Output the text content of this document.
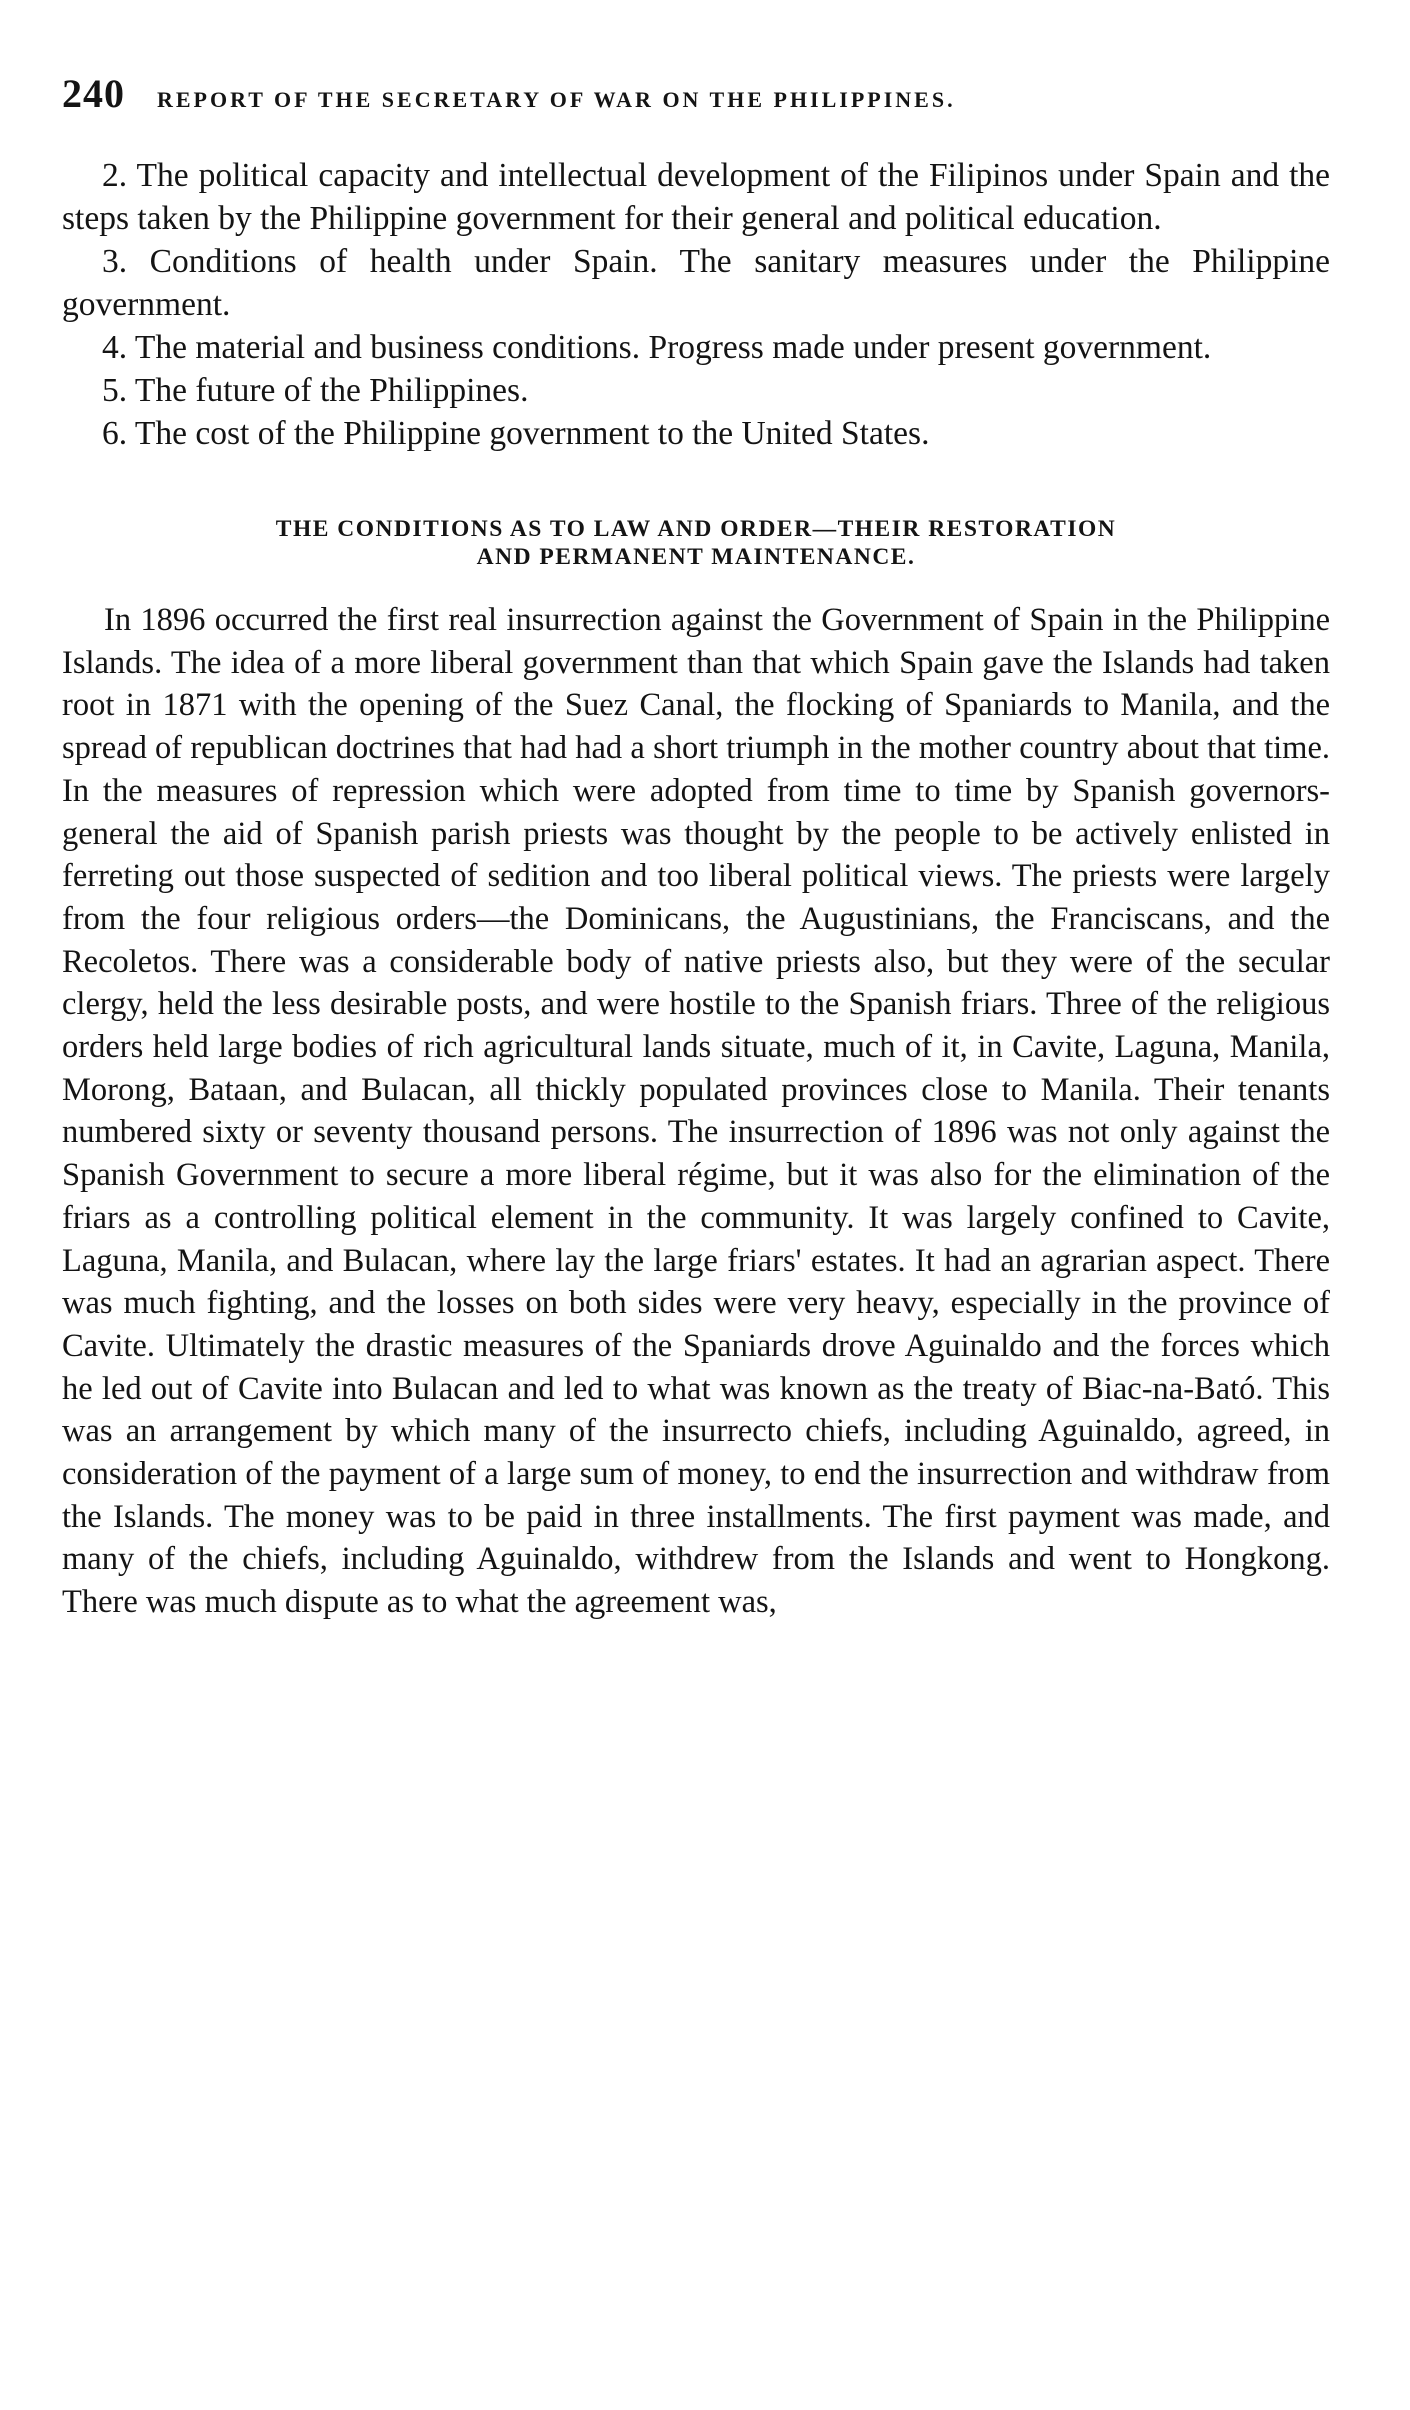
240 REPORT OF THE SECRETARY OF WAR ON THE PHILIPPINES.

2. The political capacity and intellectual development of the Filipinos under Spain and the steps taken by the Philippine government for their general and political education.

3. Conditions of health under Spain. The sanitary measures under the Philippine government.

4. The material and business conditions. Progress made under present government.

5. The future of the Philippines.

6. The cost of the Philippine government to the United States.

THE CONDITIONS AS TO LAW AND ORDER—THEIR RESTORATION
AND PERMANENT MAINTENANCE.

In 1896 occurred the first real insurrection against the Government of Spain in the Philippine Islands. The idea of a more liberal government than that which Spain gave the Islands had taken root in 1871 with the opening of the Suez Canal, the flocking of Spaniards to Manila, and the spread of republican doctrines that had had a short triumph in the mother country about that time. In the measures of repression which were adopted from time to time by Spanish governors-general the aid of Spanish parish priests was thought by the people to be actively enlisted in ferreting out those suspected of sedition and too liberal political views. The priests were largely from the four religious orders—the Dominicans, the Augustinians, the Franciscans, and the Recoletos. There was a considerable body of native priests also, but they were of the secular clergy, held the less desirable posts, and were hostile to the Spanish friars. Three of the religious orders held large bodies of rich agricultural lands situate, much of it, in Cavite, Laguna, Manila, Morong, Bataan, and Bulacan, all thickly populated provinces close to Manila. Their tenants numbered sixty or seventy thousand persons. The insurrection of 1896 was not only against the Spanish Government to secure a more liberal régime, but it was also for the elimination of the friars as a controlling political element in the community. It was largely confined to Cavite, Laguna, Manila, and Bulacan, where lay the large friars' estates. It had an agrarian aspect. There was much fighting, and the losses on both sides were very heavy, especially in the province of Cavite. Ultimately the drastic measures of the Spaniards drove Aguinaldo and the forces which he led out of Cavite into Bulacan and led to what was known as the treaty of Biac-na-Bató. This was an arrangement by which many of the insurrecto chiefs, including Aguinaldo, agreed, in consideration of the payment of a large sum of money, to end the insurrection and withdraw from the Islands. The money was to be paid in three installments. The first payment was made, and many of the chiefs, including Aguinaldo, withdrew from the Islands and went to Hongkong. There was much dispute as to what the agreement was,
